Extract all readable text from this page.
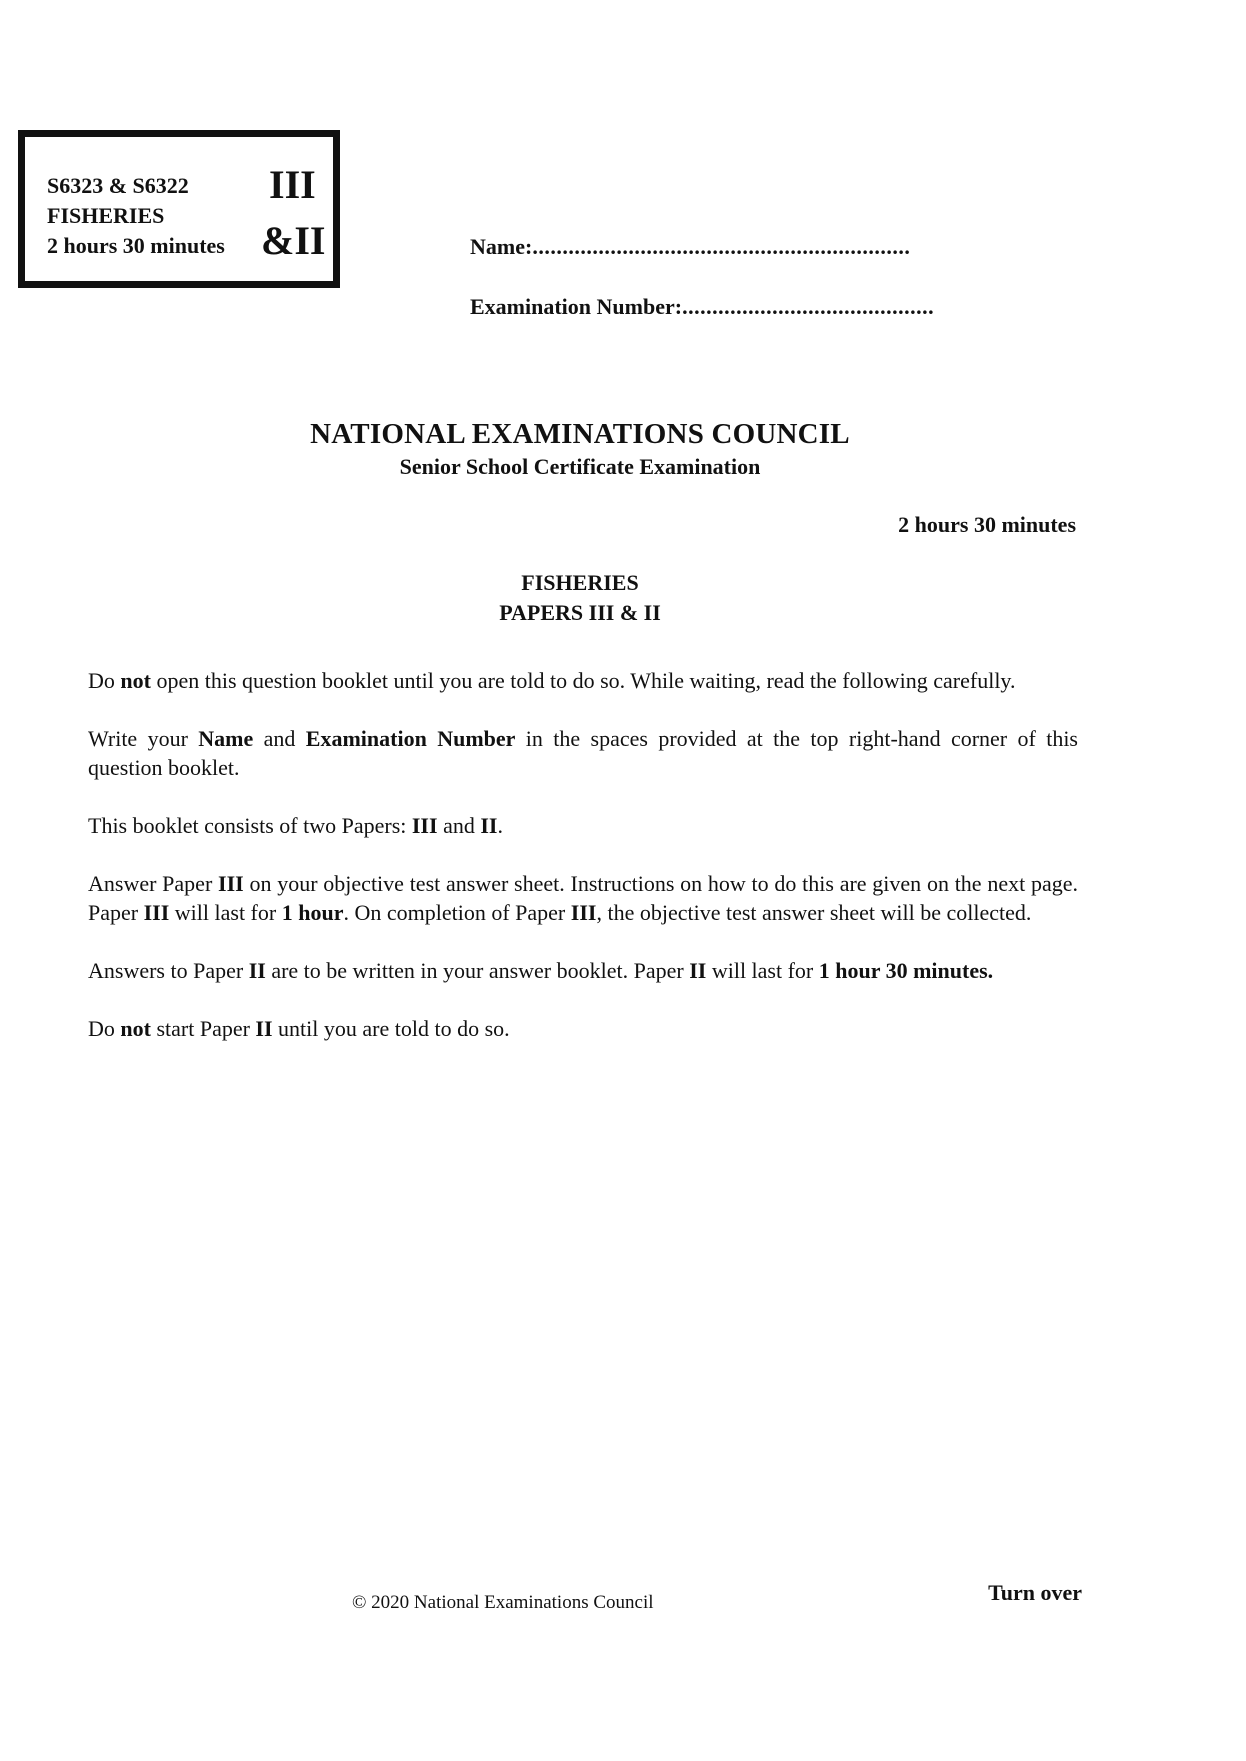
S6323 & S6322
FISHERIES
2 hours 30 minutes
III
&II	Name:...............................................................
Examination Number:..........................................
NATIONAL EXAMINATIONS COUNCIL
Senior School Certificate Examination
2 hours 30 minutes
FISHERIES
PAPERS III & II

Do not open this question booklet until you are told to do so. While waiting, read the following carefully.

Write your Name and Examination Number in the spaces provided at the top right-hand corner of this question booklet.

This booklet consists of two Papers: III and II.

Answer Paper III on your objective test answer sheet. Instructions on how to do this are given on the next page. Paper III will last for 1 hour. On completion of Paper III, the objective test answer sheet will be collected.

Answers to Paper II are to be written in your answer booklet. Paper II will last for 1 hour 30 minutes.

Do not start Paper II until you are told to do so.

© 2020 National Examinations Council	Turn over
